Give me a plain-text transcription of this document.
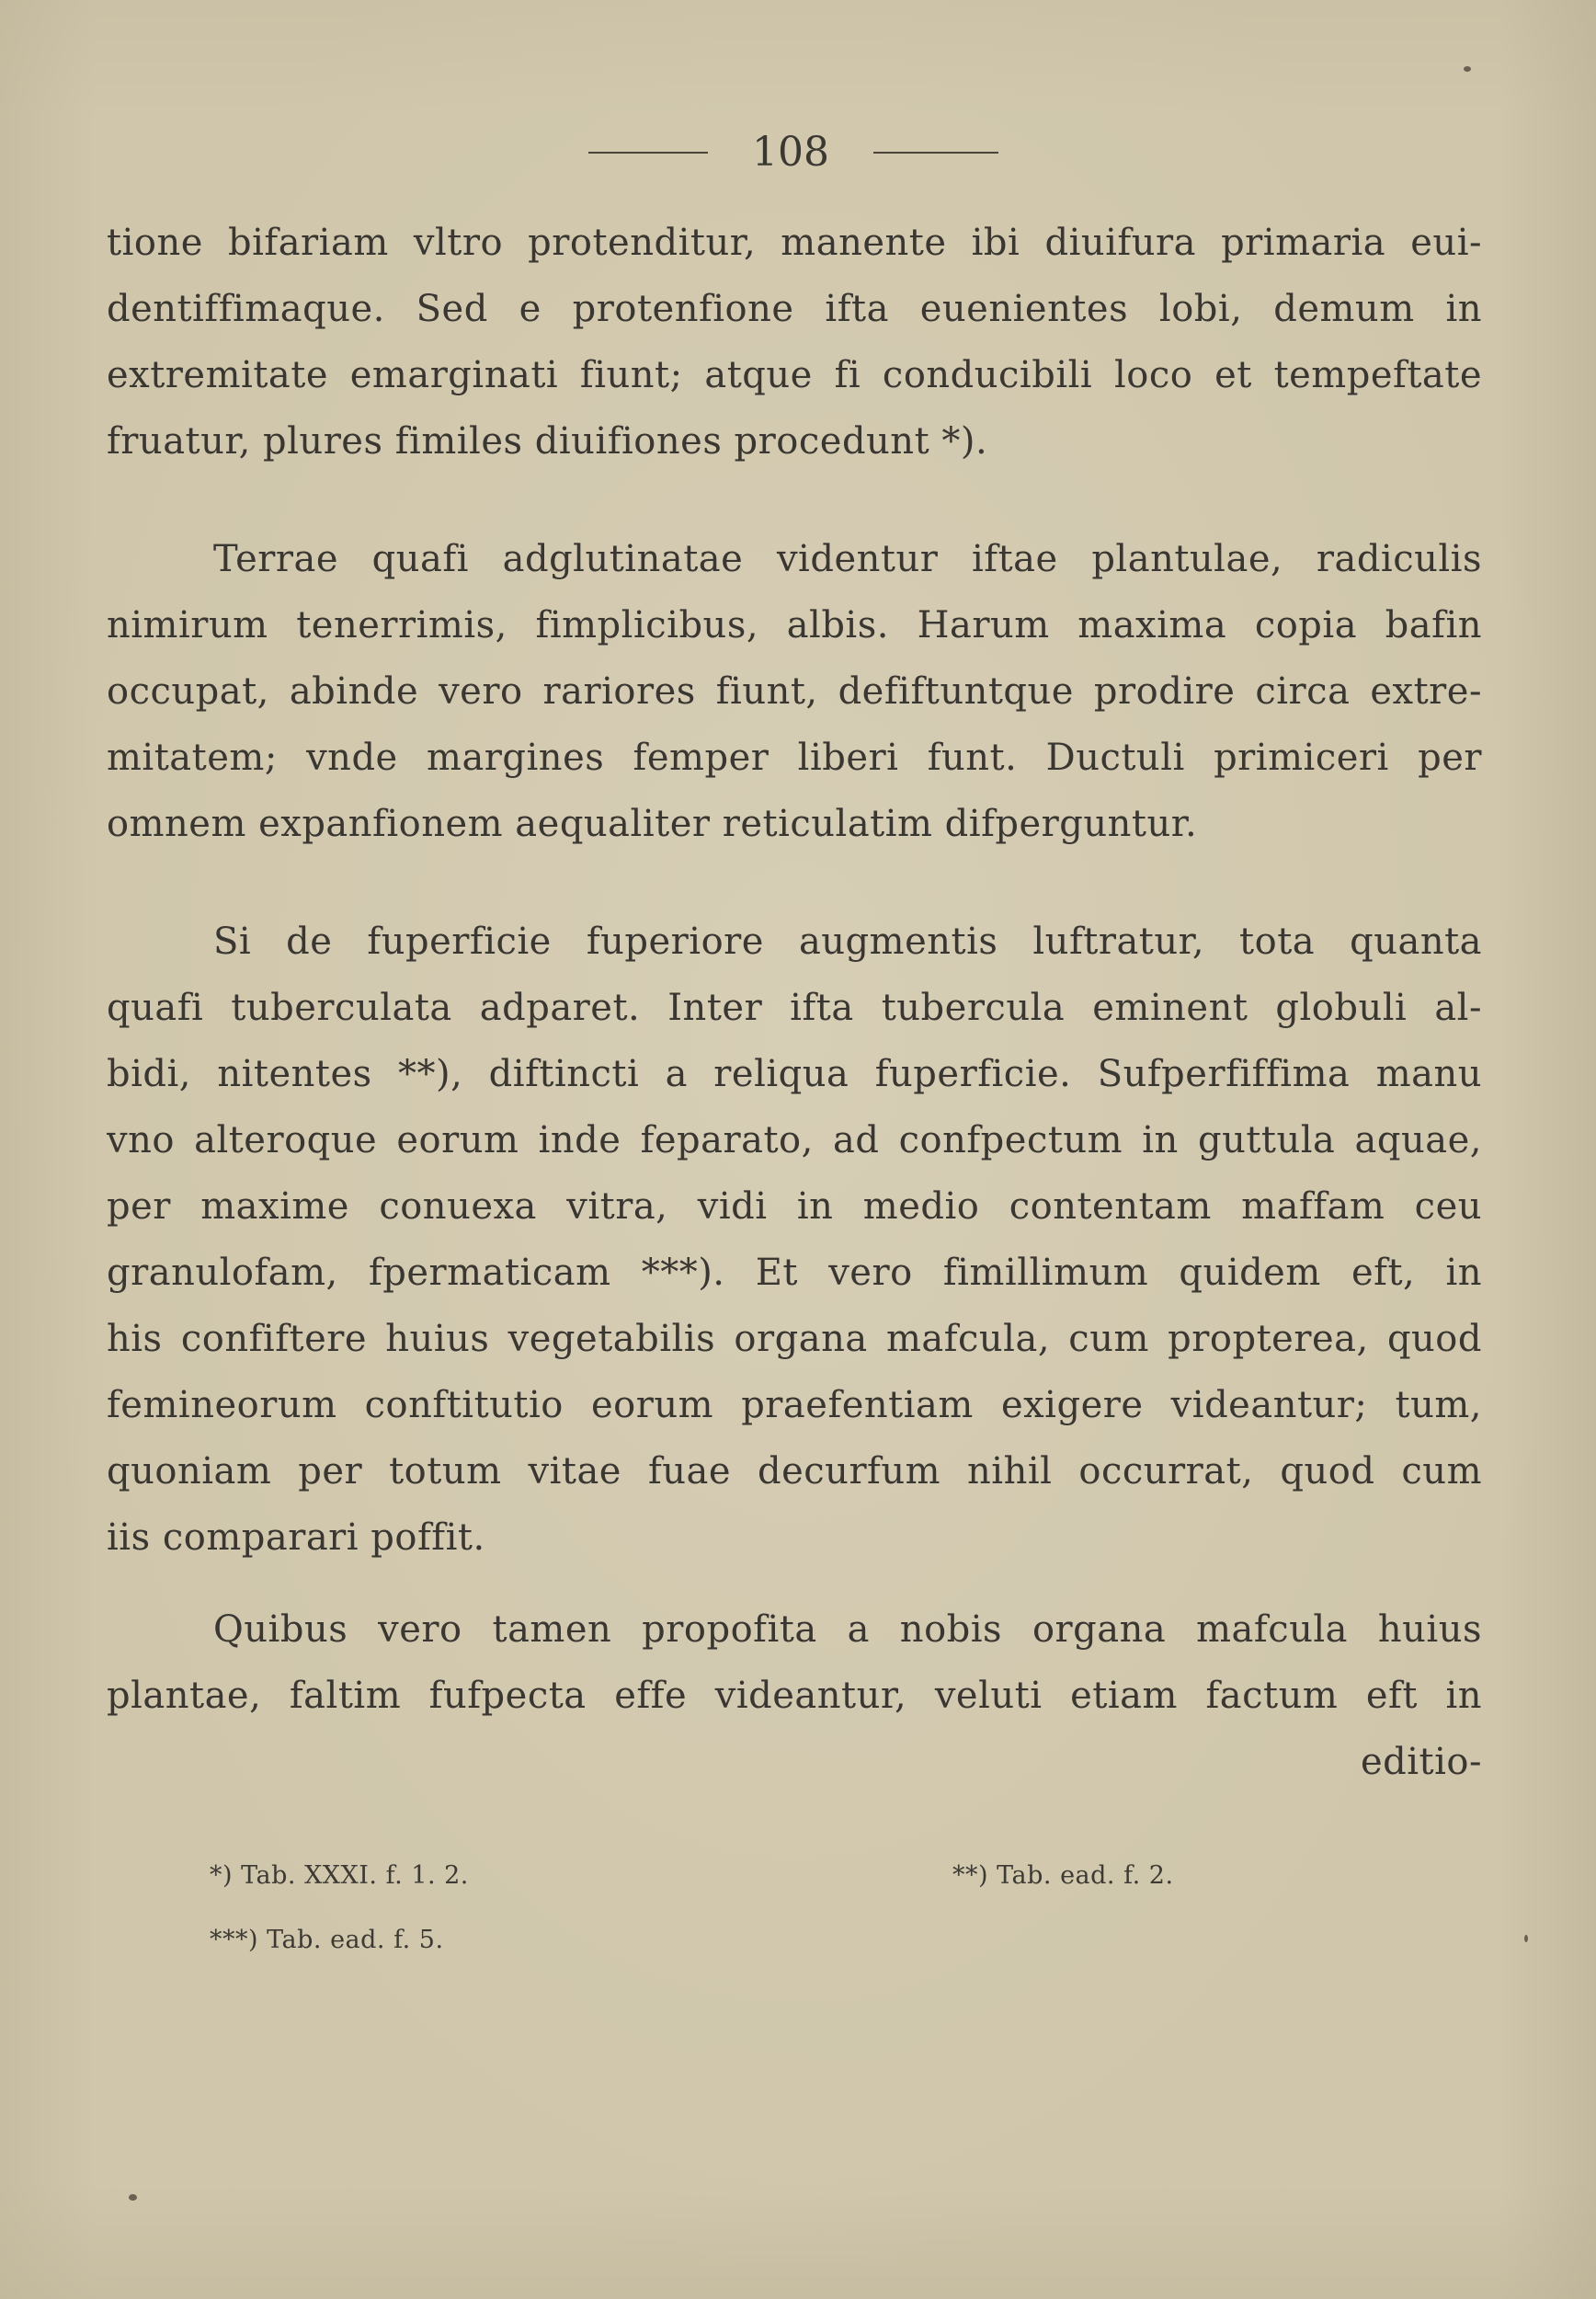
108
tione bifariam vltro protenditur, manente ibi diuifura primaria eui-
dentiffimaque. Sed e protenfione ifta euenientes lobi, demum in
extremitate emarginati fiunt; atque fi conducibili loco et tempeftate
fruatur, plures fimiles diuifiones procedunt *).
Terrae quafi adglutinatae videntur iftae plantulae, radiculis
nimirum tenerrimis, fimplicibus, albis. Harum maxima copia bafin
occupat, abinde vero rariores fiunt, defiftuntque prodire circa extre-
mitatem; vnde margines femper liberi funt. Ductuli primiceri per
omnem expanfionem aequaliter reticulatim difperguntur.
Si de fuperficie fuperiore augmentis luftratur, tota quanta
quafi tuberculata adparet. Inter ifta tubercula eminent globuli al-
bidi, nitentes **), diftincti a reliqua fuperficie. Sufperfiffima manu
vno alteroque eorum inde feparato, ad confpectum in guttula aquae,
per maxime conuexa vitra, vidi in medio contentam maffam ceu
granulofam, fpermaticam ***). Et vero fimillimum quidem eft, in
his confiftere huius vegetabilis organa mafcula, cum propterea, quod
femineorum conftitutio eorum praefentiam exigere videantur; tum,
quoniam per totum vitae fuae decurfum nihil occurrat, quod cum
iis comparari poffit.
Quibus vero tamen propofita a nobis organa mafcula huius
plantae, faltim fufpecta effe videantur, veluti etiam factum eft in
editio-
*) Tab. XXXI. f. 1. 2.	**) Tab. ead. f. 2.
***) Tab. ead. f. 5.
